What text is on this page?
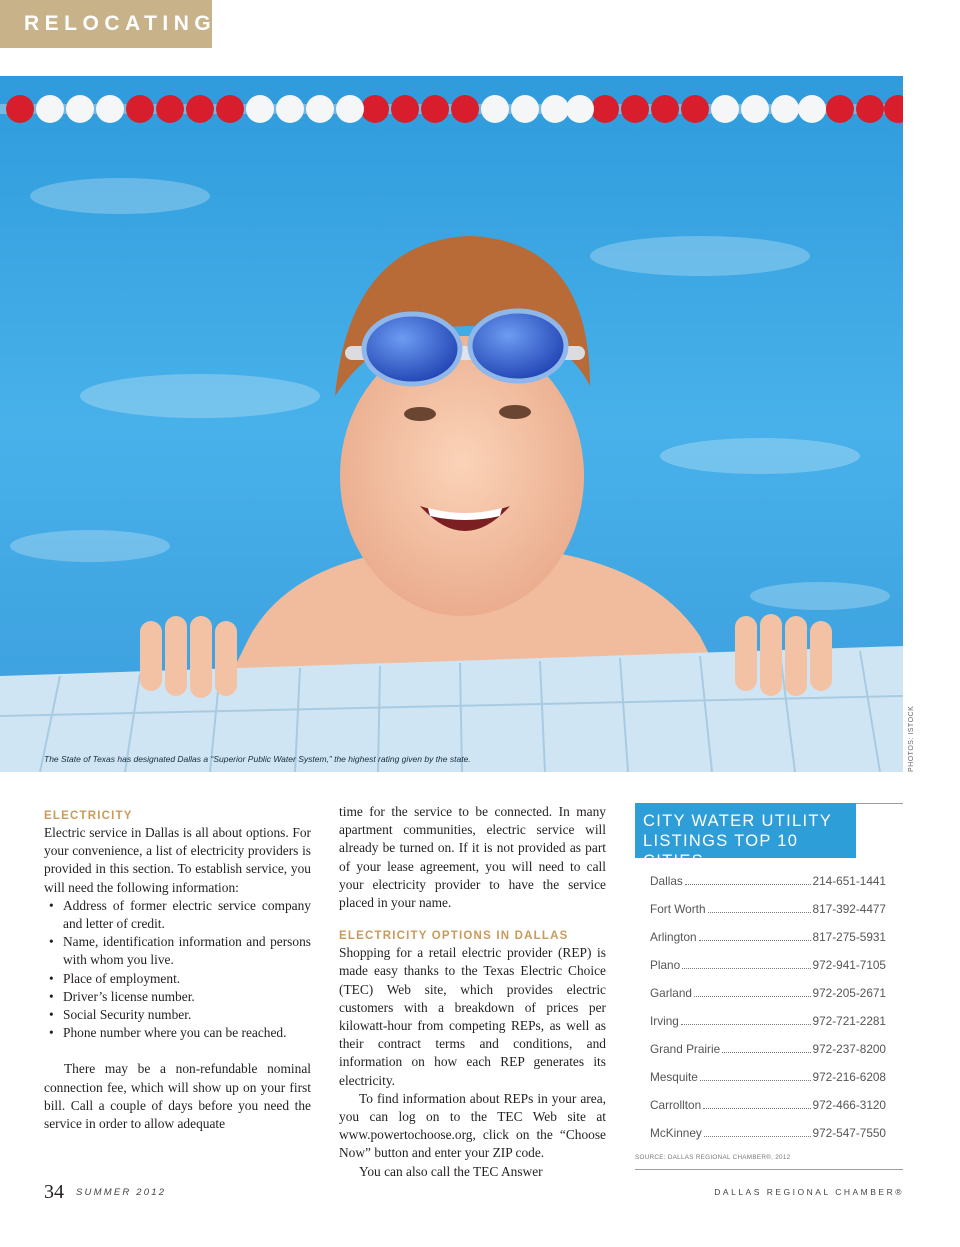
RELOCATING
The State of Texas has designated Dallas a “Superior Public Water System,” the highest rating given by the state.	PHOTOS: ISTOCK
ELECTRICITY

Electric service in Dallas is all about options. For your convenience, a list of electricity providers is provided in this section. To establish service, you will need the following information:

• Address of former electric service company and letter of credit.
• Name, identification information and persons with whom you live.
• Place of employment.
• Driver’s license number.
• Social Security number.
• Phone number where you can be reached.

There may be a non-refundable nominal connection fee, which will show up on your first bill. Call a couple of days before you need the service in order to allow adequate

time for the service to be connected. In many apartment communities, electric service will already be turned on. If it is not provided as part of your lease agreement, you will need to call your electricity provider to have the service placed in your name.

ELECTRICITY OPTIONS IN DALLAS

Shopping for a retail electric provider (REP) is made easy thanks to the Texas Electric Choice (TEC) Web site, which provides electric customers with a breakdown of prices per kilowatt-hour from competing REPs, as well as their contract terms and conditions, and information on how each REP generates its electricity.

To find information about REPs in your area, you can log on to the TEC Web site at www.powertochoose.org, click on the “Choose Now” button and enter your ZIP code.

You can also call the TEC Answer

CITY WATER UTILITY
LISTINGS TOP 10 CITIES
Dallas	214-651-1441
Fort Worth	817-392-4477
Arlington	817-275-5931
Plano	972-941-7105
Garland	972-205-2671
Irving	972-721-2281
Grand Prairie	972-237-8200
Mesquite	972-216-6208
Carrollton	972-466-3120
McKinney	972-547-7550
SOURCE: DALLAS REGIONAL CHAMBER®, 2012
34 SUMMER 2012	DALLAS REGIONAL CHAMBER®
